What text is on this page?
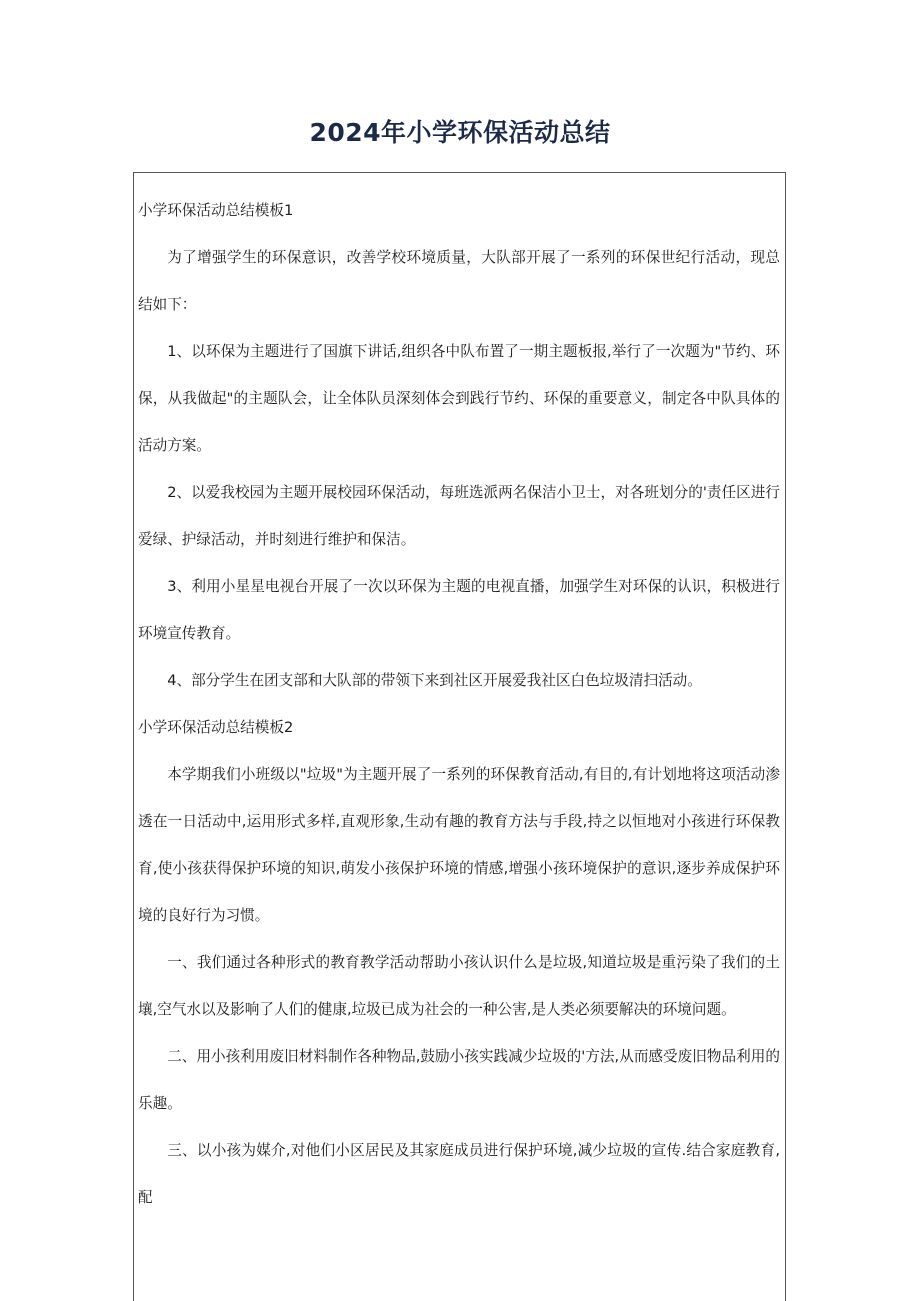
2024年小学环保活动总结

小学环保活动总结模板1

为了增强学生的环保意识，改善学校环境质量，大队部开展了一系列的环保世纪行活动，现总结如下：

1、以环保为主题进行了国旗下讲话,组织各中队布置了一期主题板报,举行了一次题为"节约、环保，从我做起"的主题队会，让全体队员深刻体会到践行节约、环保的重要意义，制定各中队具体的活动方案。

2、以爱我校园为主题开展校园环保活动，每班选派两名保洁小卫士，对各班划分的'责任区进行爱绿、护绿活动，并时刻进行维护和保洁。

3、利用小星星电视台开展了一次以环保为主题的电视直播，加强学生对环保的认识，积极进行环境宣传教育。

4、部分学生在团支部和大队部的带领下来到社区开展爱我社区白色垃圾清扫活动。

小学环保活动总结模板2

本学期我们小班级以"垃圾"为主题开展了一系列的环保教育活动,有目的,有计划地将这项活动渗透在一日活动中,运用形式多样,直观形象,生动有趣的教育方法与手段,持之以恒地对小孩进行环保教育,使小孩获得保护环境的知识,萌发小孩保护环境的情感,增强小孩环境保护的意识,逐步养成保护环境的良好行为习惯。

一、我们通过各种形式的教育教学活动帮助小孩认识什么是垃圾,知道垃圾是重污染了我们的土壤,空气水以及影响了人们的健康,垃圾已成为社会的一种公害,是人类必须要解决的环境问题。

二、用小孩利用废旧材料制作各种物品,鼓励小孩实践减少垃圾的'方法,从而感受废旧物品利用的乐趣。

三、以小孩为媒介,对他们小区居民及其家庭成员进行保护环境,减少垃圾的宣传.结合家庭教育,配
